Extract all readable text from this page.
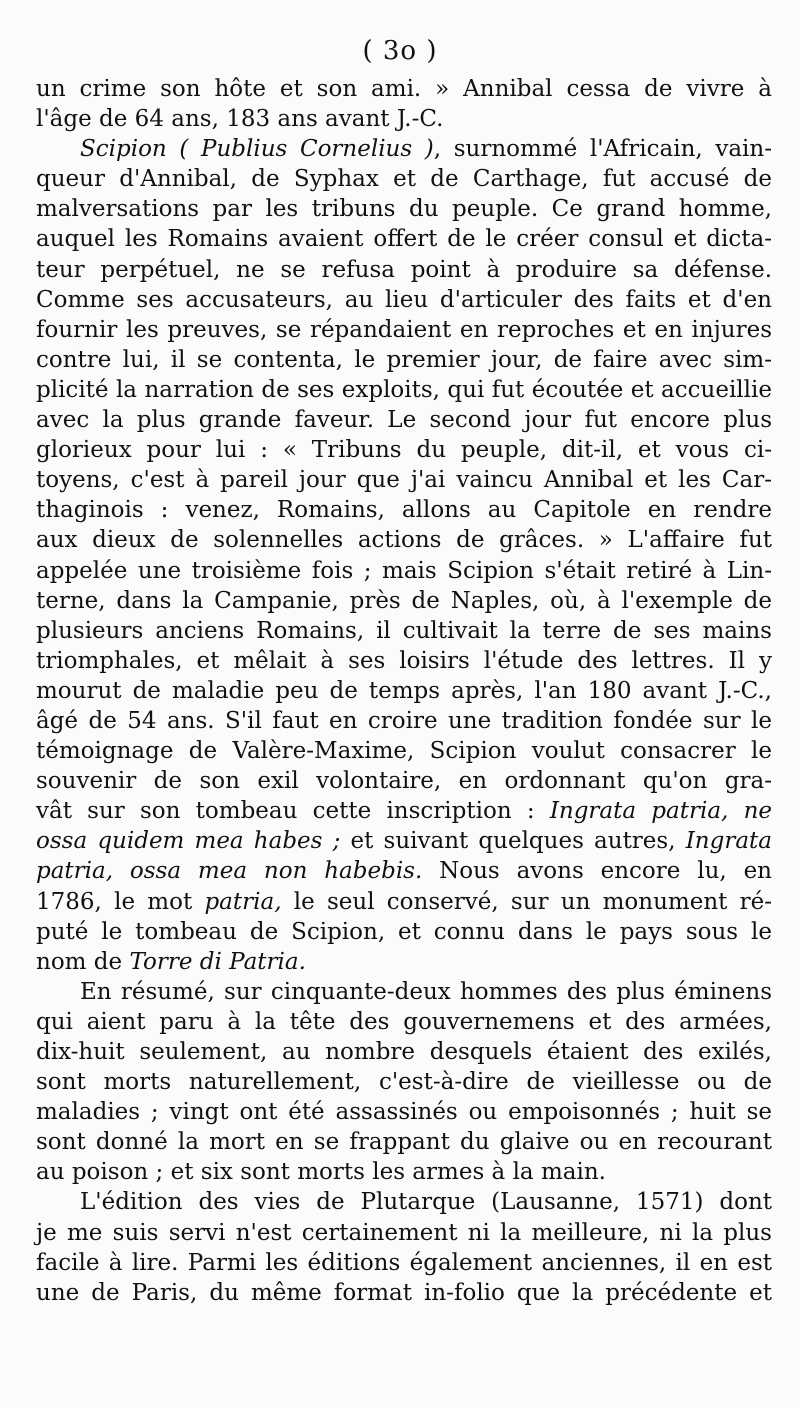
( 3o )
un crime son hôte et son ami. » Annibal cessa de vivre à
l'âge de 64 ans, 183 ans avant J.-C.
Scipion ( Publius Cornelius ), surnommé l'Africain, vain-
queur d'Annibal, de Syphax et de Carthage, fut accusé de
malversations par les tribuns du peuple. Ce grand homme,
auquel les Romains avaient offert de le créer consul et dicta-
teur perpétuel, ne se refusa point à produire sa défense.
Comme ses accusateurs, au lieu d'articuler des faits et d'en
fournir les preuves, se répandaient en reproches et en injures
contre lui, il se contenta, le premier jour, de faire avec sim-
plicité la narration de ses exploits, qui fut écoutée et accueillie
avec la plus grande faveur. Le second jour fut encore plus
glorieux pour lui : « Tribuns du peuple, dit-il, et vous ci-
toyens, c'est à pareil jour que j'ai vaincu Annibal et les Car-
thaginois : venez, Romains, allons au Capitole en rendre
aux dieux de solennelles actions de grâces. » L'affaire fut
appelée une troisième fois ; mais Scipion s'était retiré à Lin-
terne, dans la Campanie, près de Naples, où, à l'exemple de
plusieurs anciens Romains, il cultivait la terre de ses mains
triomphales, et mêlait à ses loisirs l'étude des lettres. Il y
mourut de maladie peu de temps après, l'an 180 avant J.-C.,
âgé de 54 ans. S'il faut en croire une tradition fondée sur le
témoignage de Valère-Maxime, Scipion voulut consacrer le
souvenir de son exil volontaire, en ordonnant qu'on gra-
vât sur son tombeau cette inscription : Ingrata patria, ne
ossa quidem mea habes ; et suivant quelques autres, Ingrata
patria, ossa mea non habebis. Nous avons encore lu, en
1786, le mot patria, le seul conservé, sur un monument ré-
puté le tombeau de Scipion, et connu dans le pays sous le
nom de Torre di Patria.
En résumé, sur cinquante-deux hommes des plus éminens
qui aient paru à la tête des gouvernemens et des armées,
dix-huit seulement, au nombre desquels étaient des exilés,
sont morts naturellement, c'est-à-dire de vieillesse ou de
maladies ; vingt ont été assassinés ou empoisonnés ; huit se
sont donné la mort en se frappant du glaive ou en recourant
au poison ; et six sont morts les armes à la main.
L'édition des vies de Plutarque (Lausanne, 1571) dont
je me suis servi n'est certainement ni la meilleure, ni la plus
facile à lire. Parmi les éditions également anciennes, il en est
une de Paris, du même format in-folio que la précédente et
